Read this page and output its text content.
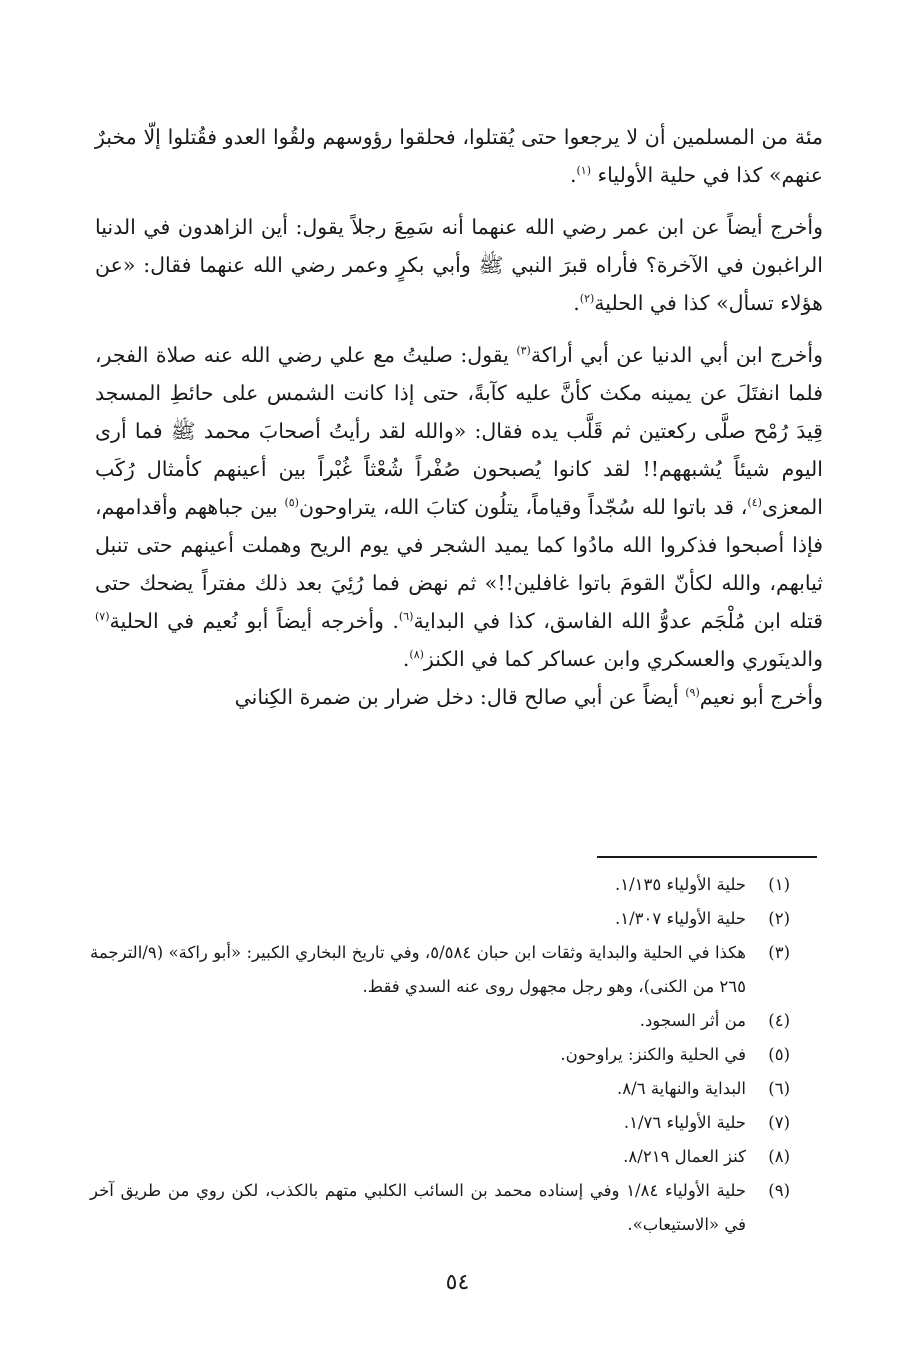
مئة من المسلمين أن لا يرجعوا حتى يُقتلوا، فحلقوا رؤوسهم ولقُوا العدو فقُتلوا إلّا مخبرٌ عنهم» كذا في حلية الأولياء $^{(١)}$.

وأخرج أيضاً عن ابن عمر رضي الله عنهما أنه سَمِعَ رجلاً يقول: أين الزاهدون في الدنيا الراغبون في الآخرة؟ فأراه قبرَ النبي ﷺ وأبي بكرٍ وعمر رضي الله عنهما فقال: «عن هؤلاء تسأل» كذا في الحلية$^{(٢)}$.

وأخرج ابن أبي الدنيا عن أبي أراكة$^{(٣)}$ يقول: صليتُ مع علي رضي الله عنه صلاة الفجر، فلما انفتَلَ عن يمينه مكث كأنَّ عليه كآبةً، حتى إذا كانت الشمس على حائطِ المسجد قِيدَ رُمْح صلَّى ركعتين ثم قَلَّب يده فقال: «والله لقد رأيتُ أصحابَ محمد ﷺ فما أرى اليوم شيئاً يُشبههم!! لقد كانوا يُصبحون صُفْراً شُعْثاً غُبْراً بين أعينهم كأمثال رُكَب المعزى$^{(٤)}$، قد باتوا لله سُجّداً وقياماً، يتلُون كتابَ الله، يتراوحون$^{(٥)}$ بين جباههم وأقدامهم، فإذا أصبحوا فذكروا الله مادُوا كما يميد الشجر في يوم الريح وهملت أعينهم حتى تنبل ثيابهم، والله لكأنّ القومَ باتوا غافلين!!» ثم نهض فما رُئِيَ بعد ذلك مفتراً يضحك حتى قتله ابن مُلْجَم عدوُّ الله الفاسق، كذا في البداية$^{(٦)}$. وأخرجه أيضاً أبو نُعيم في الحلية$^{(٧)}$ والدينَوري والعسكري وابن عساكر كما في الكنز$^{(٨)}$.

وأخرج أبو نعيم$^{(٩)}$ أيضاً عن أبي صالح قال: دخل ضرار بن ضمرة الكِناني

(١)
حلية الأولياء ١/١٣٥.
(٢)
حلية الأولياء ١/٣٠٧.
(٣)
هكذا في الحلية والبداية وثقات ابن حبان ٥/٥٨٤، وفي تاريخ البخاري الكبير: «أبو راكة» (٩/الترجمة ٢٦٥ من الكنى)، وهو رجل مجهول روى عنه السدي فقط.
(٤)
من أثر السجود.
(٥)
في الحلية والكنز: يراوحون.
(٦)
البداية والنهاية ٨/٦.
(٧)
حلية الأولياء ١/٧٦.
(٨)
كنز العمال ٨/٢١٩.
(٩)
حلية الأولياء ١/٨٤ وفي إسناده محمد بن السائب الكلبي متهم بالكذب، لكن روي من طريق آخر في «الاستيعاب».
٥٤
